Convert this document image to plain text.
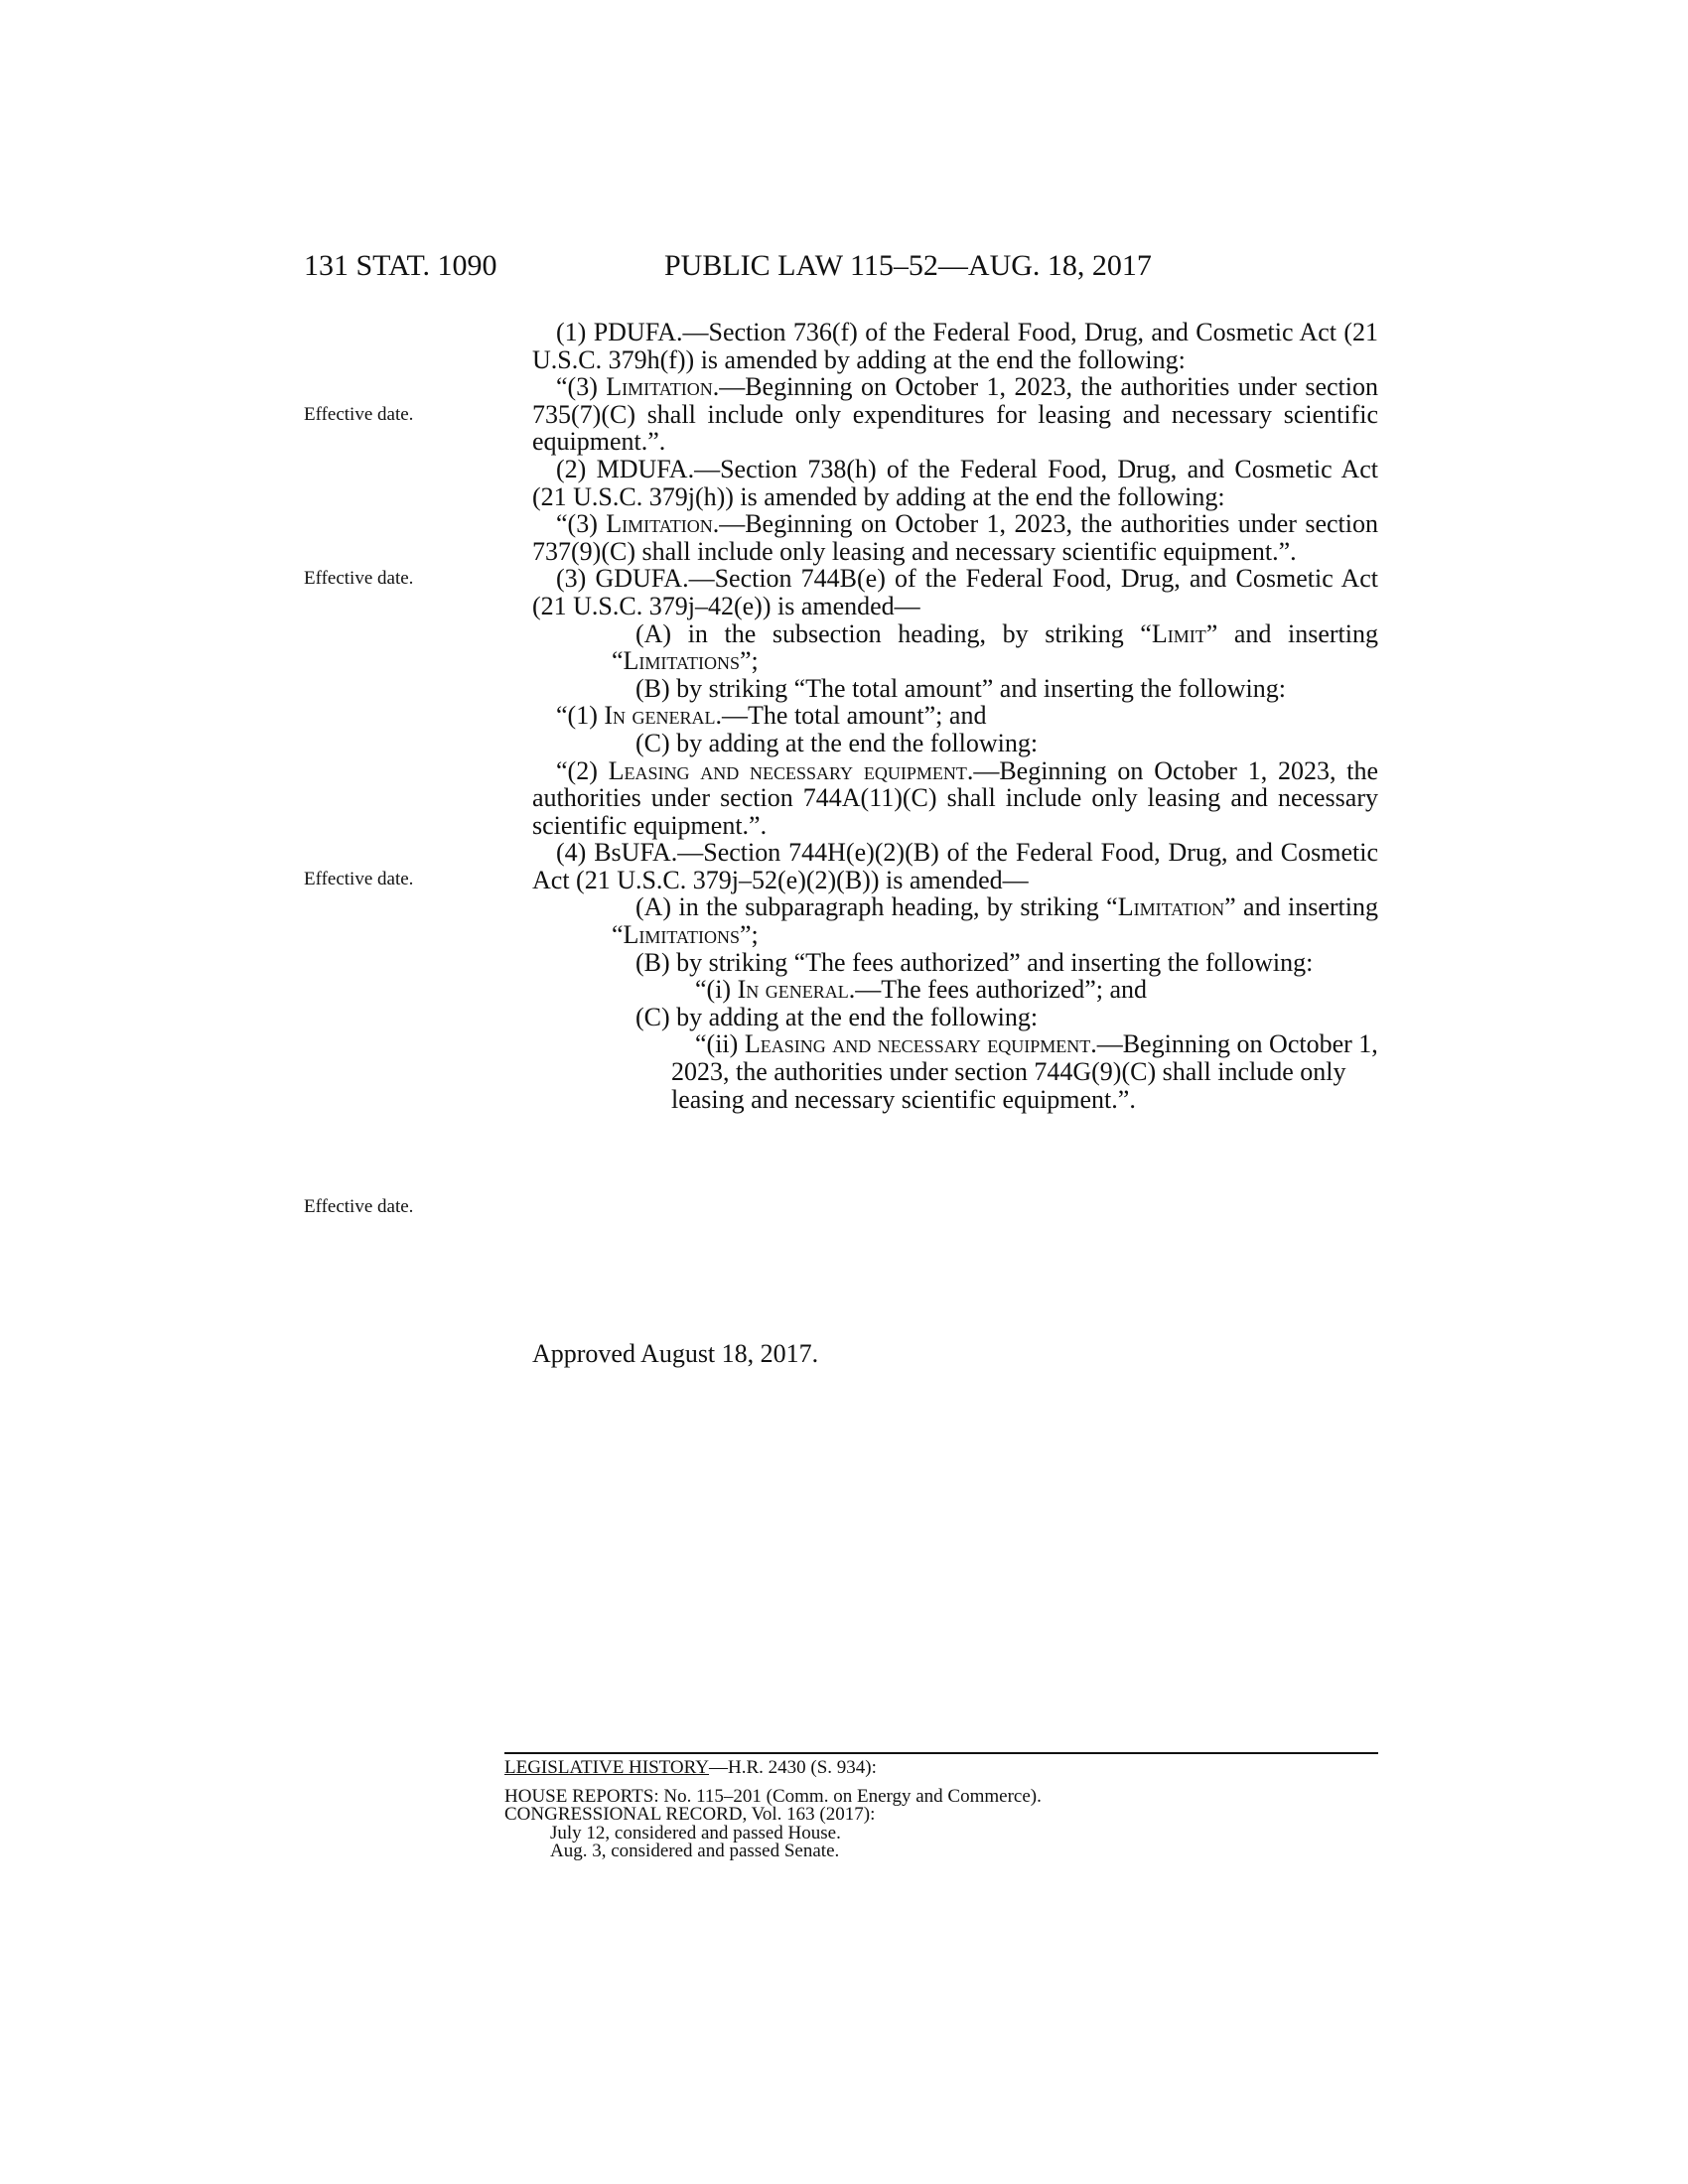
131 STAT. 1090	PUBLIC LAW 115–52—AUG. 18, 2017
Effective date.
Effective date.
Effective date.
Effective date.

(1) PDUFA.—Section 736(f) of the Federal Food, Drug, and Cosmetic Act (21 U.S.C. 379h(f)) is amended by adding at the end the following:

“(3) Limitation.—Beginning on October 1, 2023, the authorities under section 735(7)(C) shall include only expenditures for leasing and necessary scientific equipment.”.

(2) MDUFA.—Section 738(h) of the Federal Food, Drug, and Cosmetic Act (21 U.S.C. 379j(h)) is amended by adding at the end the following:

“(3) Limitation.—Beginning on October 1, 2023, the authorities under section 737(9)(C) shall include only leasing and necessary scientific equipment.”.

(3) GDUFA.—Section 744B(e) of the Federal Food, Drug, and Cosmetic Act (21 U.S.C. 379j–42(e)) is amended—

(A) in the subsection heading, by striking “Limit” and inserting “Limitations”;

(B) by striking “The total amount” and inserting the following:

“(1) In general.—The total amount”; and

(C) by adding at the end the following:

“(2) Leasing and necessary equipment.—Beginning on October 1, 2023, the authorities under section 744A(11)(C) shall include only leasing and necessary scientific equipment.”.

(4) BsUFA.—Section 744H(e)(2)(B) of the Federal Food, Drug, and Cosmetic Act (21 U.S.C. 379j–52(e)(2)(B)) is amended—

(A) in the subparagraph heading, by striking “Limitation” and inserting “Limitations”;

(B) by striking “The fees authorized” and inserting the following:

“(i) In general.—The fees authorized”; and

(C) by adding at the end the following:

“(ii) Leasing and necessary equipment.—Beginning on October 1, 2023, the authorities under section 744G(9)(C) shall include only leasing and necessary scientific equipment.”.

Approved August 18, 2017.
LEGISLATIVE HISTORY—H.R. 2430 (S. 934):
HOUSE REPORTS: No. 115–201 (Comm. on Energy and Commerce).
CONGRESSIONAL RECORD, Vol. 163 (2017):
July 12, considered and passed House.
Aug. 3, considered and passed Senate.
